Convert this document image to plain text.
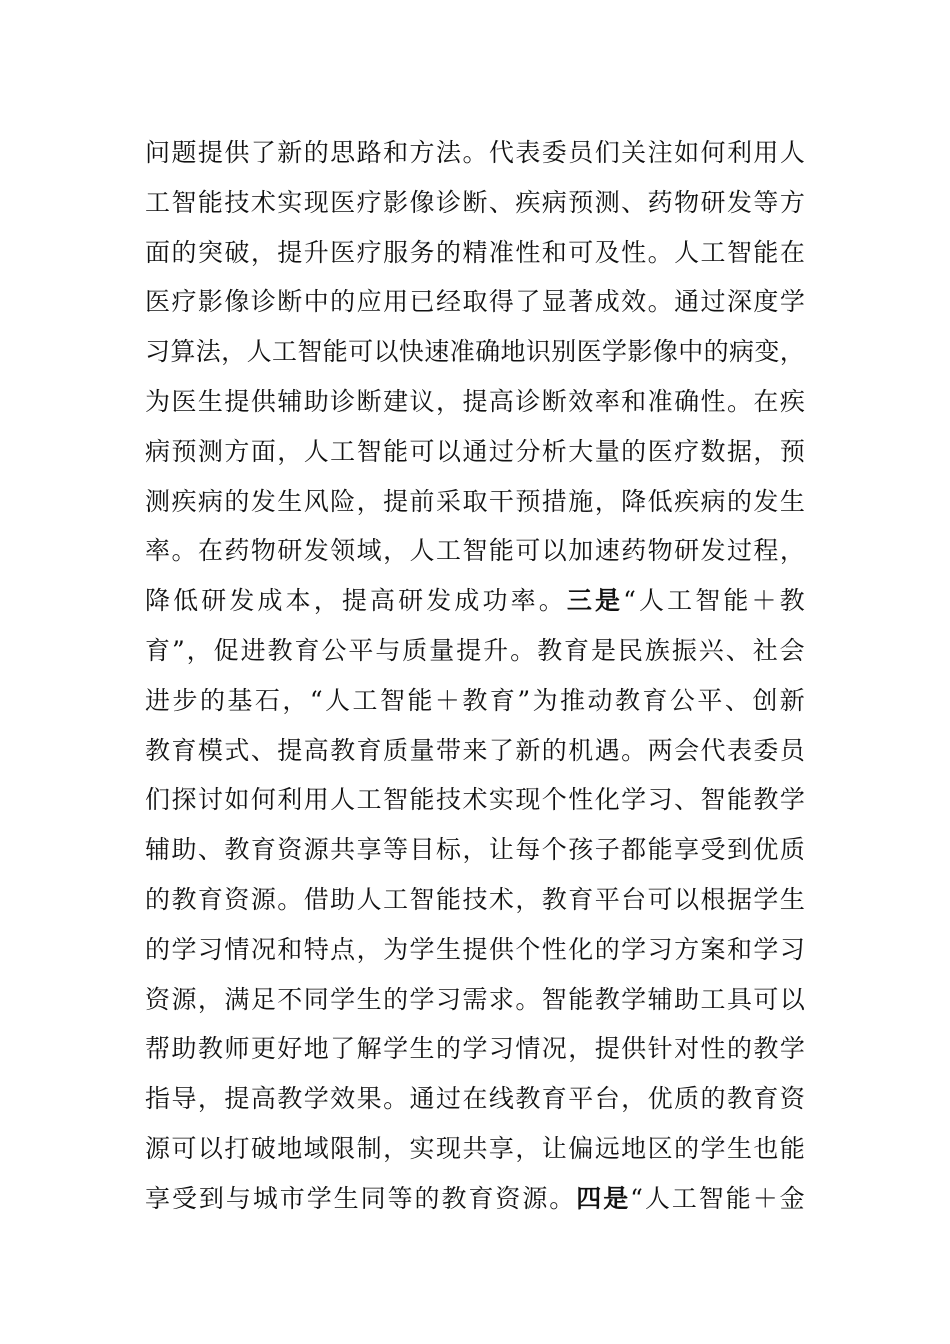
问 题 提 供 了 新 的 思 路 和 方 法 。 代 表 委 员 们 关 注 如 何 利 用 人
工 智 能 技 术 实 现 医 疗 影 像 诊 断 、 疾 病 预 测 、 药 物 研 发 等 方
面 的 突 破 ， 提 升 医 疗 服 务 的 精 准 性 和 可 及 性 。 人 工 智 能 在
医 疗 影 像 诊 断 中 的 应 用 已 经 取 得 了 显 著 成 效 。 通 过 深 度 学
习 算 法 ， 人 工 智 能 可 以 快 速 准 确 地 识 别 医 学 影 像 中 的 病 变 ，
为 医 生 提 供 辅 助 诊 断 建 议 ， 提 高 诊 断 效 率 和 准 确 性 。 在 疾
病 预 测 方 面 ， 人 工 智 能 可 以 通 过 分 析 大 量 的 医 疗 数 据 ， 预
测 疾 病 的 发 生 风 险 ， 提 前 采 取 干 预 措 施 ， 降 低 疾 病 的 发 生
率 。 在 药 物 研 发 领 域 ， 人 工 智 能 可 以 加 速 药 物 研 发 过 程 ，
降 低 研 发 成 本 ， 提 高 研 发 成 功 率 。 三 是 “ 人 工 智 能 ＋ 教
育 ” ， 促 进 教 育 公 平 与 质 量 提 升 。 教 育 是 民 族 振 兴 、 社 会
进 步 的 基 石 ， “ 人 工 智 能 ＋ 教 育 ” 为 推 动 教 育 公 平 、 创 新
教 育 模 式 、 提 高 教 育 质 量 带 来 了 新 的 机 遇 。 两 会 代 表 委 员
们 探 讨 如 何 利 用 人 工 智 能 技 术 实 现 个 性 化 学 习 、 智 能 教 学
辅 助 、 教 育 资 源 共 享 等 目 标 ， 让 每 个 孩 子 都 能 享 受 到 优 质
的 教 育 资 源 。 借 助 人 工 智 能 技 术 ， 教 育 平 台 可 以 根 据 学 生
的 学 习 情 况 和 特 点 ， 为 学 生 提 供 个 性 化 的 学 习 方 案 和 学 习
资 源 ， 满 足 不 同 学 生 的 学 习 需 求 。 智 能 教 学 辅 助 工 具 可 以
帮 助 教 师 更 好 地 了 解 学 生 的 学 习 情 况 ， 提 供 针 对 性 的 教 学
指 导 ， 提 高 教 学 效 果 。 通 过 在 线 教 育 平 台 ， 优 质 的 教 育 资
源 可 以 打 破 地 域 限 制 ， 实 现 共 享 ， 让 偏 远 地 区 的 学 生 也 能
享 受 到 与 城 市 学 生 同 等 的 教 育 资 源 。 四 是 “ 人 工 智 能 ＋ 金
